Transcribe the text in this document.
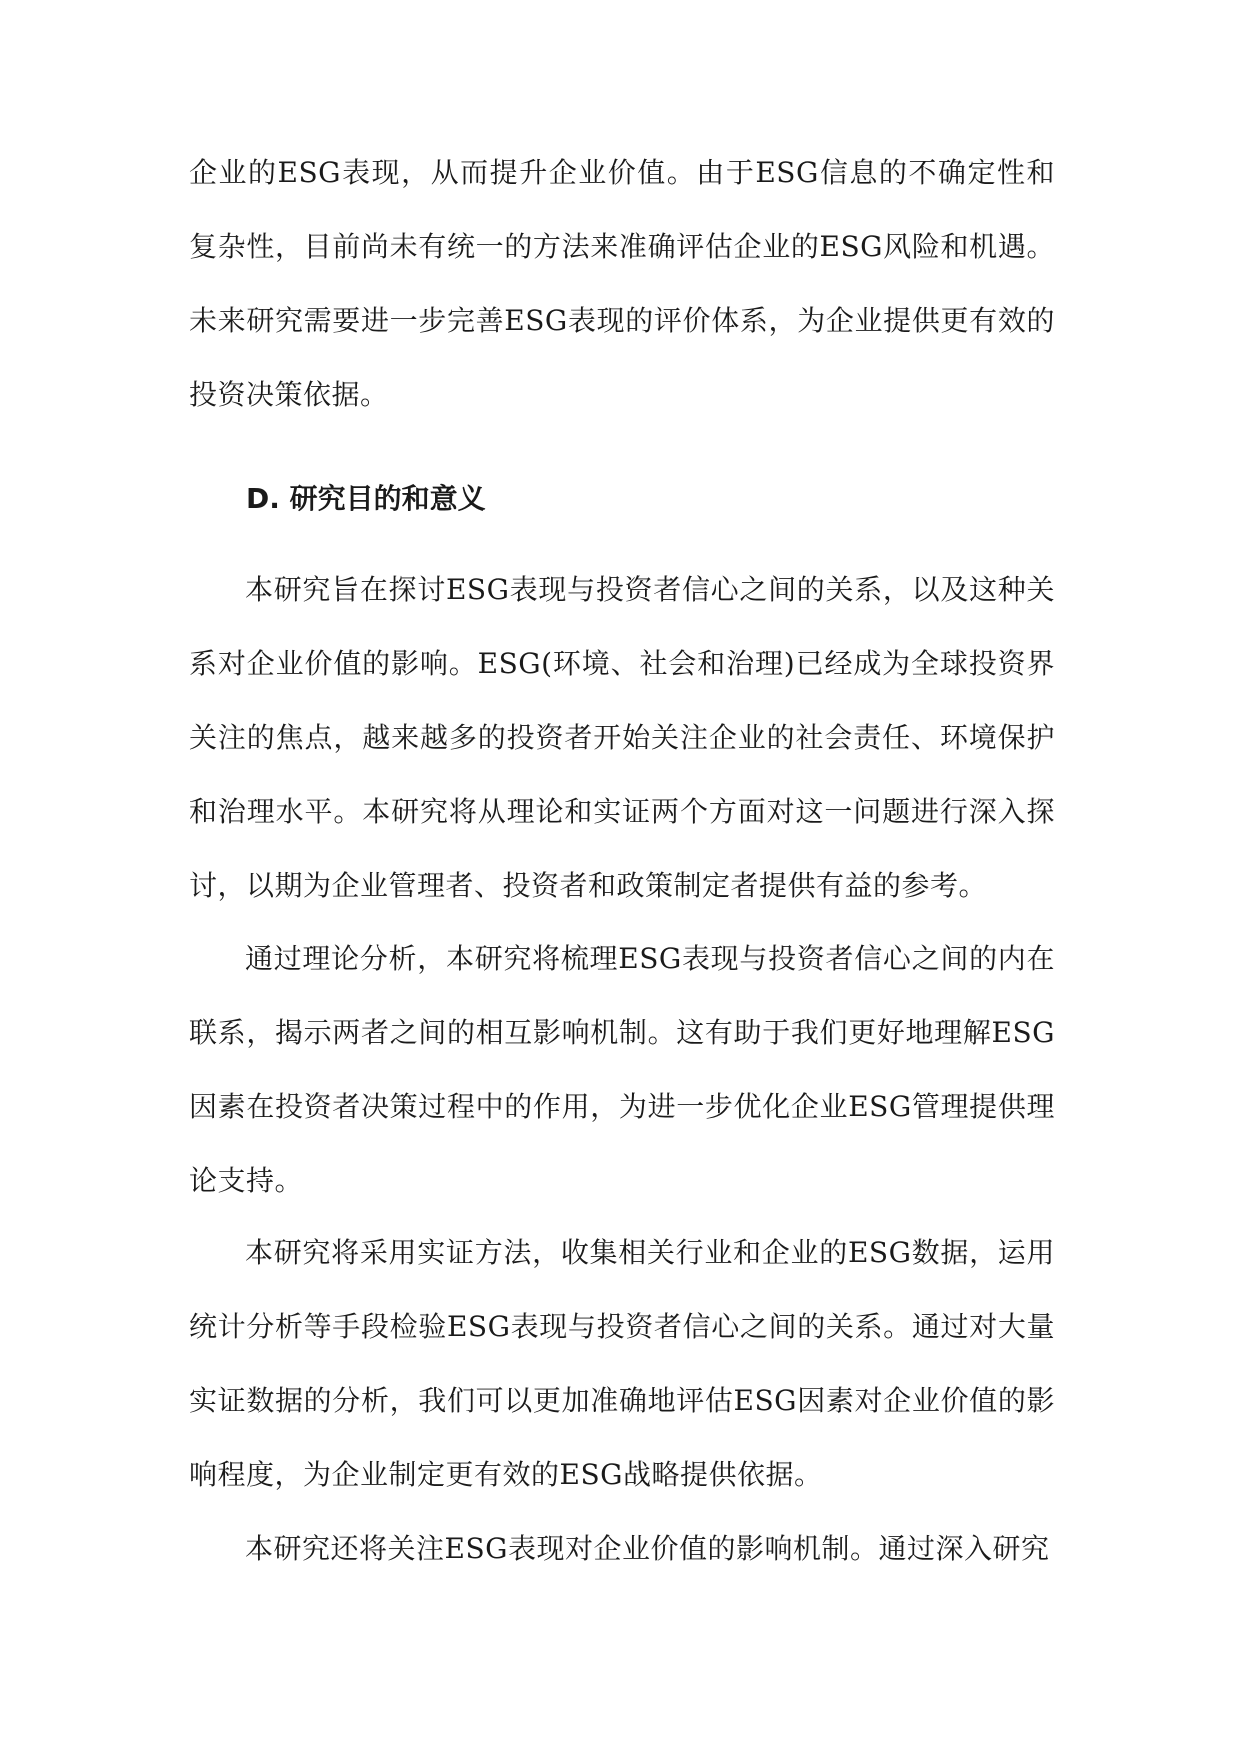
企业的ESG表现，从而提升企业价值。由于ESG信息的不确定性和复杂性，目前尚未有统一的方法来准确评估企业的ESG风险和机遇。未来研究需要进一步完善ESG表现的评价体系，为企业提供更有效的投资决策依据。

D. 研究目的和意义

本研究旨在探讨ESG表现与投资者信心之间的关系，以及这种关系对企业价值的影响。ESG(环境、社会和治理)已经成为全球投资界关注的焦点，越来越多的投资者开始关注企业的社会责任、环境保护和治理水平。本研究将从理论和实证两个方面对这一问题进行深入探讨，以期为企业管理者、投资者和政策制定者提供有益的参考。

通过理论分析，本研究将梳理ESG表现与投资者信心之间的内在联系，揭示两者之间的相互影响机制。这有助于我们更好地理解ESG因素在投资者决策过程中的作用，为进一步优化企业ESG管理提供理论支持。

本研究将采用实证方法，收集相关行业和企业的ESG数据，运用统计分析等手段检验ESG表现与投资者信心之间的关系。通过对大量实证数据的分析，我们可以更加准确地评估ESG因素对企业价值的影响程度，为企业制定更有效的ESG战略提供依据。

本研究还将关注ESG表现对企业价值的影响机制。通过深入研究
